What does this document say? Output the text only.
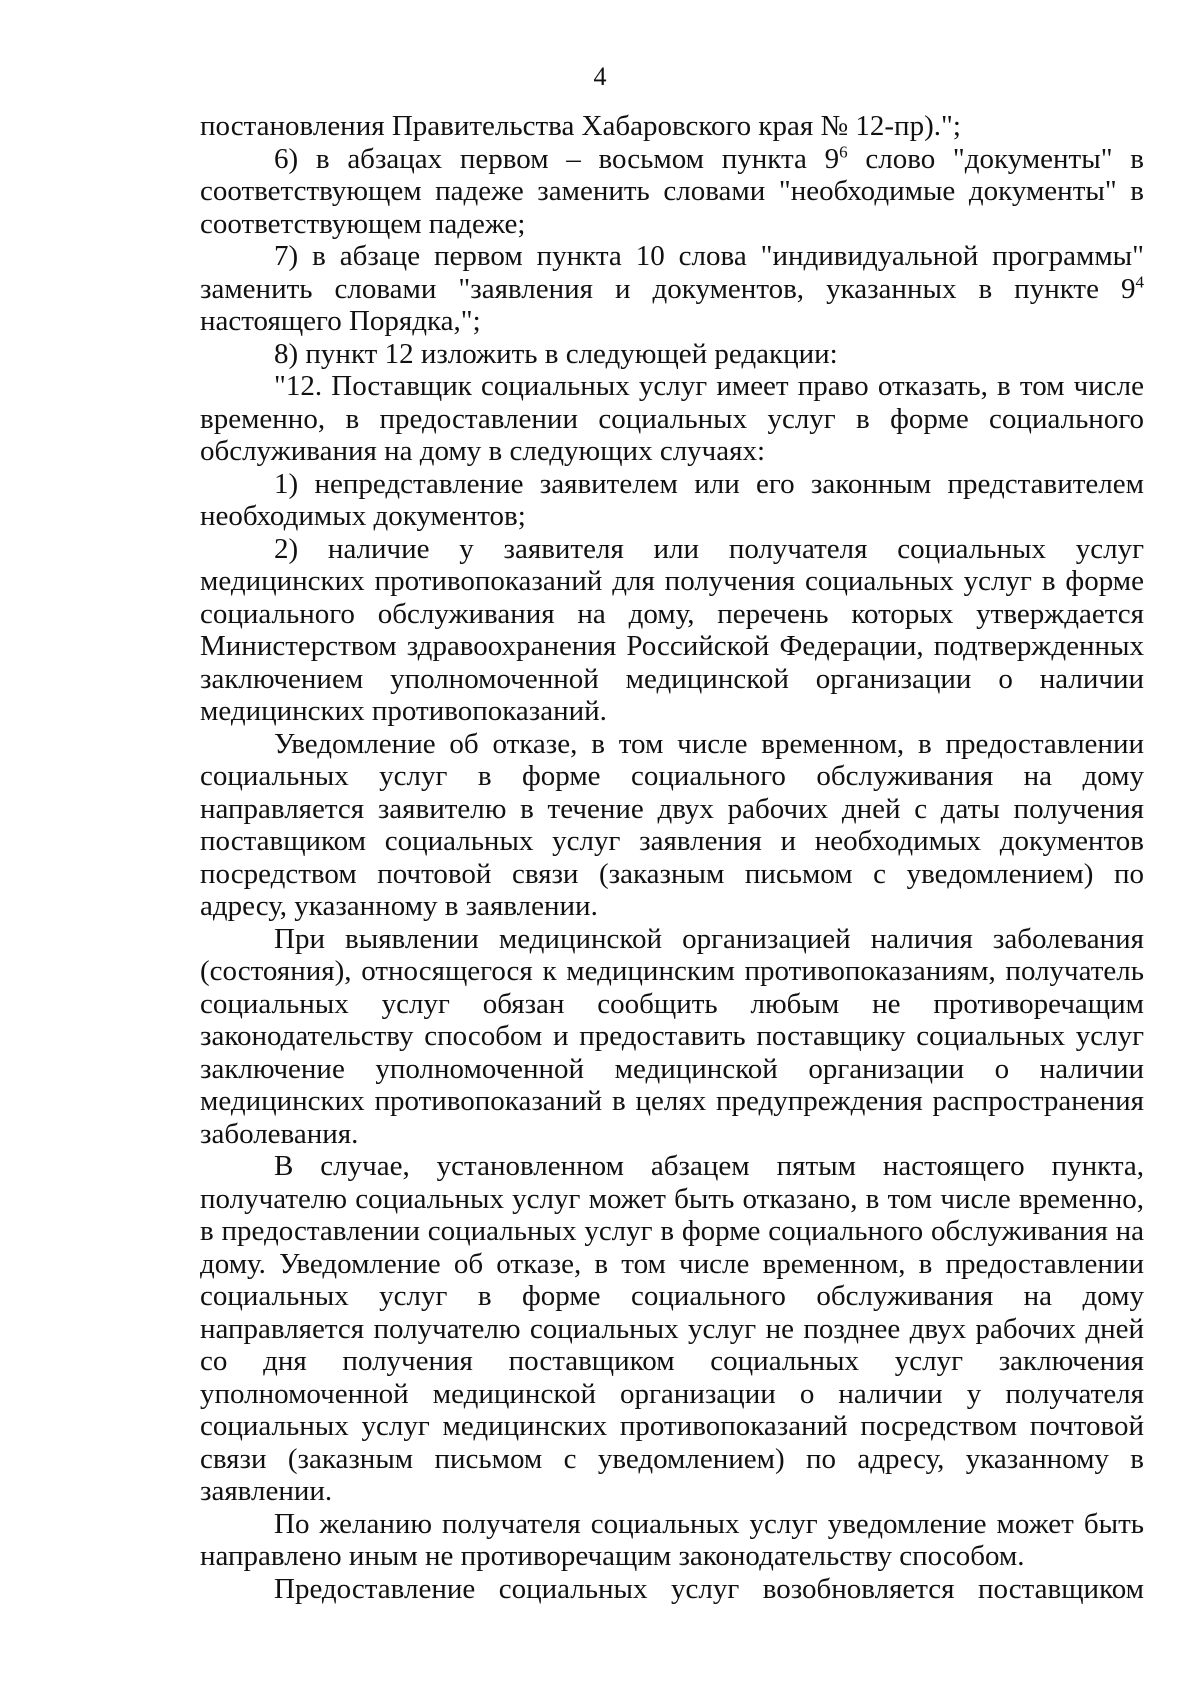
4

постановления Правительства Хабаровского края № 12-пр).";

6) в абзацах первом – восьмом пункта $9^6$ слово "документы" в соответствующем падеже заменить словами "необходимые документы" в соответствующем падеже;

7) в абзаце первом пункта 10 слова "индивидуальной программы" заменить словами "заявления и документов, указанных в пункте $9^4$ настоящего Порядка,";

8) пункт 12 изложить в следующей редакции:

"12. Поставщик социальных услуг имеет право отказать, в том числе временно, в предоставлении социальных услуг в форме социального обслуживания на дому в следующих случаях:

1) непредставление заявителем или его законным представителем необходимых документов;

2) наличие у заявителя или получателя социальных услуг медицинских противопоказаний для получения социальных услуг в форме социального обслуживания на дому, перечень которых утверждается Министерством здравоохранения Российской Федерации, подтвержденных заключением уполномоченной медицинской организации о наличии медицинских противопоказаний.

Уведомление об отказе, в том числе временном, в предоставлении социальных услуг в форме социального обслуживания на дому направляется заявителю в течение двух рабочих дней с даты получения поставщиком социальных услуг заявления и необходимых документов посредством почтовой связи (заказным письмом с уведомлением) по адресу, указанному в заявлении.

При выявлении медицинской организацией наличия заболевания (состояния), относящегося к медицинским противопоказаниям, получатель социальных услуг обязан сообщить любым не противоречащим законодательству способом и предоставить поставщику социальных услуг заключение уполномоченной медицинской организации о наличии медицинских противопоказаний в целях предупреждения распространения заболевания.

В случае, установленном абзацем пятым настоящего пункта, получателю социальных услуг может быть отказано, в том числе временно, в предоставлении социальных услуг в форме социального обслуживания на дому. Уведомление об отказе, в том числе временном, в предоставлении социальных услуг в форме социального обслуживания на дому направляется получателю социальных услуг не позднее двух рабочих дней со дня получения поставщиком социальных услуг заключения уполномоченной медицинской организации о наличии у получателя социальных услуг медицинских противопоказаний посредством почтовой связи (заказным письмом с уведомлением) по адресу, указанному в заявлении.

По желанию получателя социальных услуг уведомление может быть направлено иным не противоречащим законодательству способом.

Предоставление социальных услуг возобновляется поставщиком
